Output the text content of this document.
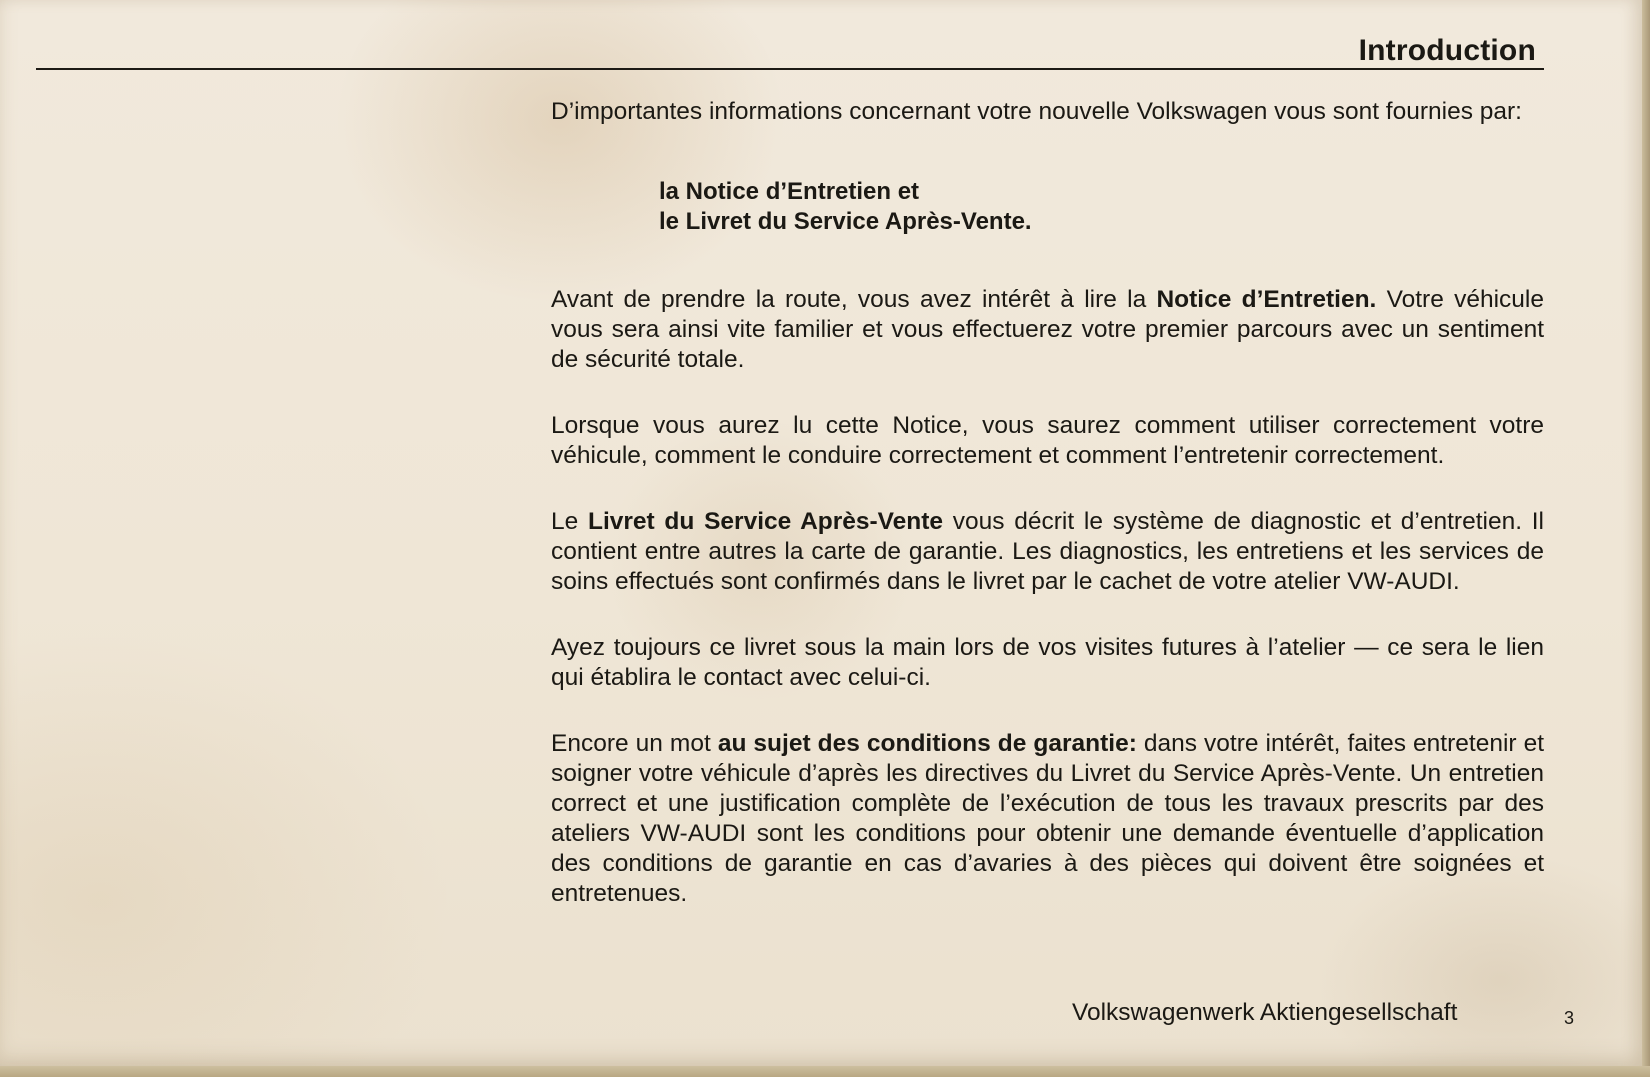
Introduction

D’importantes informations concernant votre nouvelle Volkswagen vous sont fournies par:

la Notice d’Entretien et
le Livret du Service Après-Vente.

Avant de prendre la route, vous avez intérêt à lire la Notice d’Entretien. Votre véhicule vous sera ainsi vite familier et vous effectuerez votre premier parcours avec un sentiment de sécurité totale.

Lorsque vous aurez lu cette Notice, vous saurez comment utiliser correctement votre véhicule, comment le conduire correctement et comment l’entretenir correctement.

Le Livret du Service Après-Vente vous décrit le système de diagnostic et d’entretien. Il contient entre autres la carte de garantie. Les diagnostics, les entretiens et les services de soins effectués sont confirmés dans le livret par le cachet de votre atelier VW-AUDI.

Ayez toujours ce livret sous la main lors de vos visites futures à l’atelier — ce sera le lien qui établira le contact avec celui-ci.

Encore un mot au sujet des conditions de garantie: dans votre intérêt, faites entretenir et soigner votre véhicule d’après les directives du Livret du Service Après-Vente. Un entretien correct et une justification complète de l’exécution de tous les travaux prescrits par des ateliers VW-AUDI sont les conditions pour obtenir une demande éventuelle d’application des conditions de garantie en cas d’avaries à des pièces qui doivent être soignées et entretenues.

Volkswagenwerk Aktiengesellschaft	3
